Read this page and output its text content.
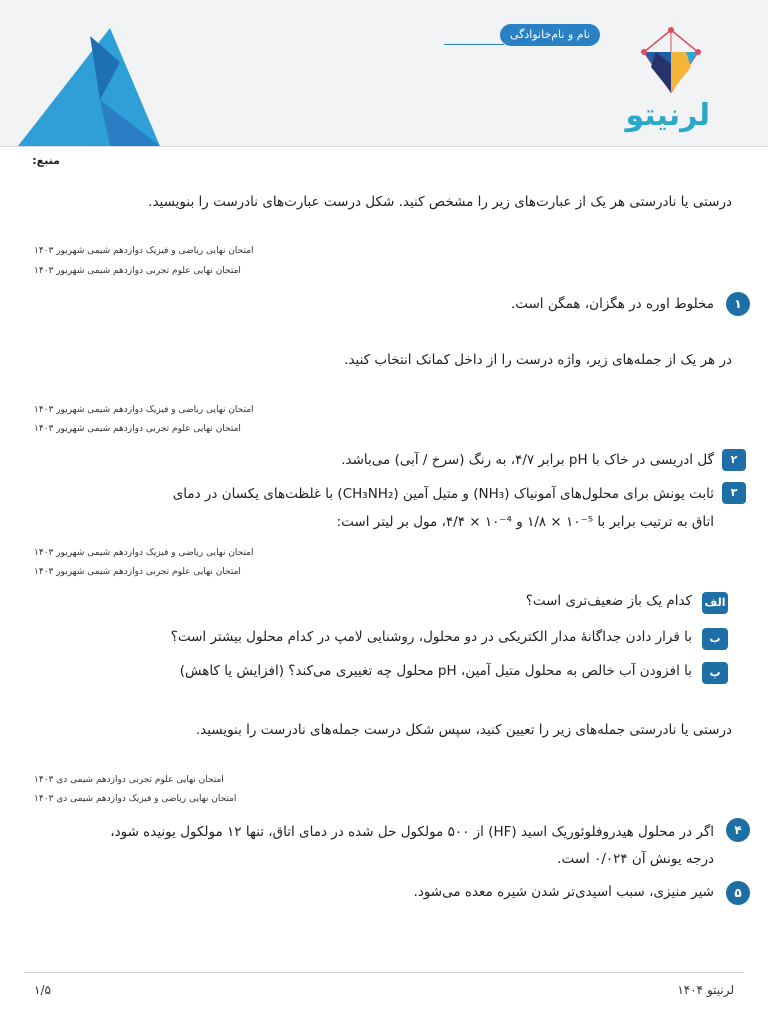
نام و نام‌خانوادگی
لرنیتو
منبع:
درستی یا نادرستی هر یک از عبارت‌های زیر را مشخص کنید. شکل درست عبارت‌های نادرست را بنویسید.
امتحان نهایی ریاضی و فیزیک دوازدهم شیمی شهریور ۱۴۰۳
امتحان نهایی علوم تجربی دوازدهم شیمی شهریور ۱۴۰۳
۱
مخلوط اوره در هگزان، همگن است.
در هر یک از جمله‌های زیر، واژه درست را از داخل کمانک انتخاب کنید.
امتحان نهایی ریاضی و فیزیک دوازدهم شیمی شهریور ۱۴۰۳
امتحان نهایی علوم تجربی دوازدهم شیمی شهریور ۱۴۰۳
۲
گل ادریسی در خاک با pH برابر ۴/۷، به رنگ (سرخ / آبی) می‌باشد.
۳
ثابت یونش برای محلول‌های آمونیاک (NH₃) و متیل آمین (CH₃NH₂) با غلظت‌های یکسان در دمای
اتاق به ترتیب برابر با ⁵⁻۱۰ × ۱/۸ و ⁴⁻۱۰ × ۴/۴، مول بر لیتر است:
امتحان نهایی ریاضی و فیزیک دوازدهم شیمی شهریور ۱۴۰۳
امتحان نهایی علوم تجربی دوازدهم شیمی شهریور ۱۴۰۳
الف
کدام یک باز ضعیف‌تری است؟
ب
با قرار دادن جداگانهٔ مدار الکتریکی در دو محلول، روشنایی لامپ در کدام محلول بیشتر است؟
پ
با افزودن آب خالص به محلول متیل آمین، pH محلول چه تغییری می‌کند؟ (افزایش یا کاهش)
درستی یا نادرستی جمله‌های زیر را تعیین کنید، سپس شکل درست جمله‌های نادرست را بنویسید.
امتحان نهایی علوم تجربی دوازدهم شیمی دی ۱۴۰۳
امتحان نهایی ریاضی و فیزیک دوازدهم شیمی دی ۱۴۰۳
۴
اگر در محلول هیدروفلوئوریک اسید (HF) از ۵۰۰ مولکول حل شده در دمای اتاق، تنها ۱۲ مولکول یونیده شود،
درجه یونش آن ۰/۰۲۴ است.
۵
شیر منیزی، سبب اسیدی‌تر شدن شیره معده می‌شود.
۱/۵	لرنیتو ۱۴۰۴
